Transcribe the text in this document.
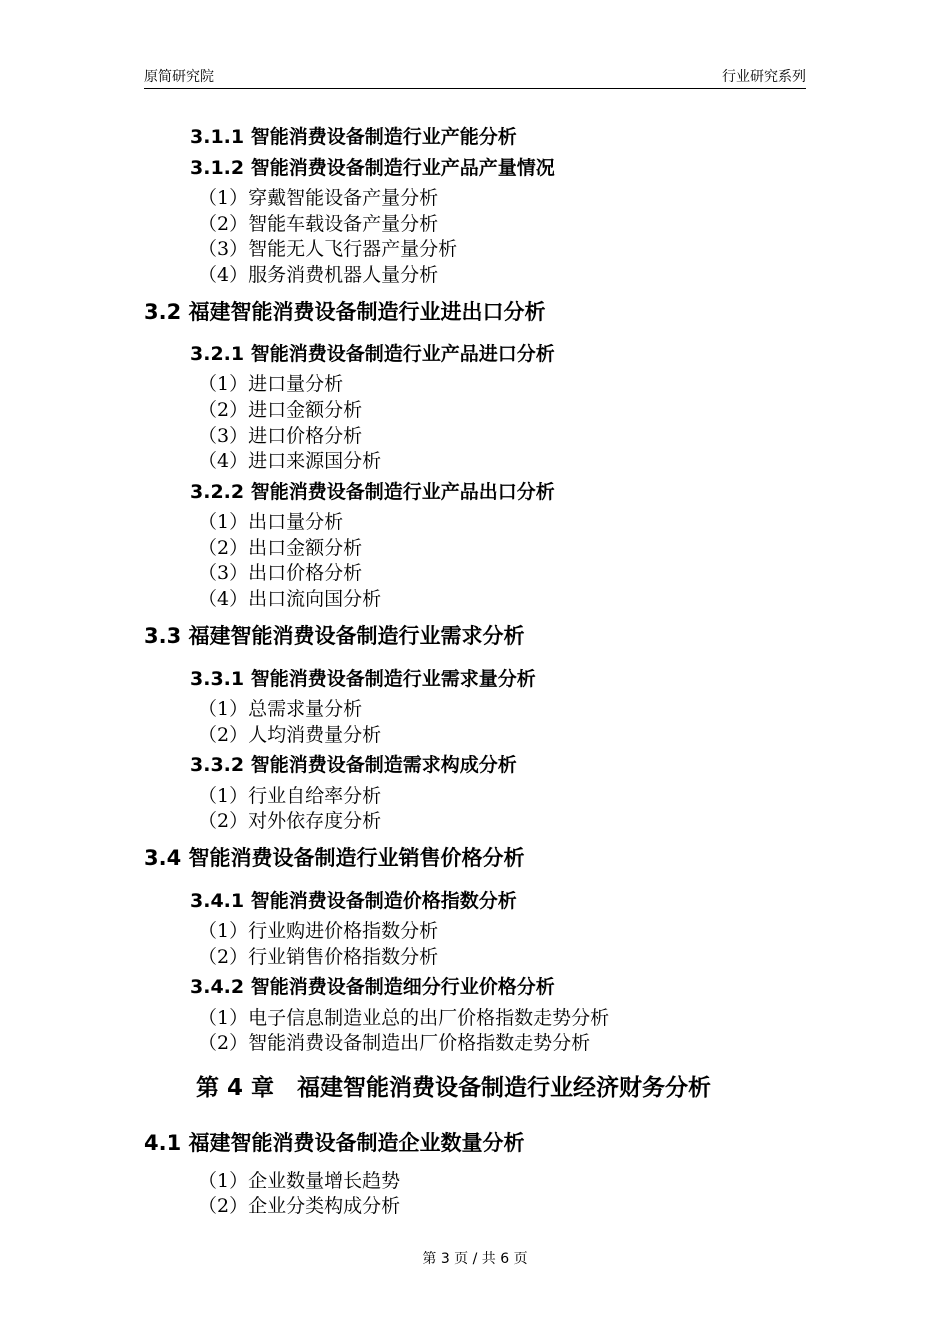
原简研究院	行业研究系列
3.1.1 智能消费设备制造行业产能分析
3.1.2 智能消费设备制造行业产品产量情况
（1）穿戴智能设备产量分析
（2）智能车载设备产量分析
（3）智能无人飞行器产量分析
（4）服务消费机器人量分析
3.2 福建智能消费设备制造行业进出口分析
3.2.1 智能消费设备制造行业产品进口分析
（1）进口量分析
（2）进口金额分析
（3）进口价格分析
（4）进口来源国分析
3.2.2 智能消费设备制造行业产品出口分析
（1）出口量分析
（2）出口金额分析
（3）出口价格分析
（4）出口流向国分析
3.3 福建智能消费设备制造行业需求分析
3.3.1 智能消费设备制造行业需求量分析
（1）总需求量分析
（2）人均消费量分析
3.3.2 智能消费设备制造需求构成分析
（1）行业自给率分析
（2）对外依存度分析
3.4 智能消费设备制造行业销售价格分析
3.4.1 智能消费设备制造价格指数分析
（1）行业购进价格指数分析
（2）行业销售价格指数分析
3.4.2 智能消费设备制造细分行业价格分析
（1）电子信息制造业总的出厂价格指数走势分析
（2）智能消费设备制造出厂价格指数走势分析
第 4 章　福建智能消费设备制造行业经济财务分析
4.1 福建智能消费设备制造企业数量分析
（1）企业数量增长趋势
（2）企业分类构成分析
第 3 页 / 共 6 页
